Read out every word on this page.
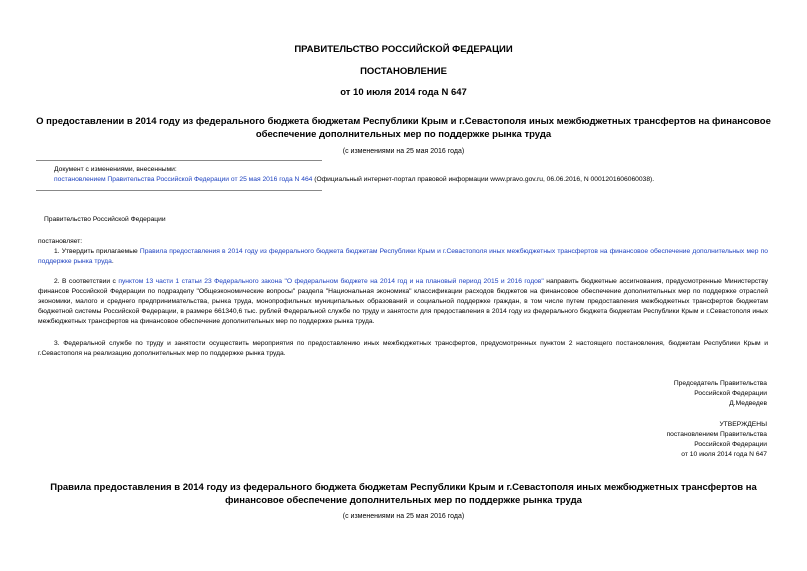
ПРАВИТЕЛЬСТВО РОССИЙСКОЙ ФЕДЕРАЦИИ
ПОСТАНОВЛЕНИЕ
от 10 июля 2014 года N 647
О предоставлении в 2014 году из федерального бюджета бюджетам Республики Крым и г.Севастополя иных межбюджетных трансфертов на финансовое обеспечение дополнительных мер по поддержке рынка труда
(с изменениями на 25 мая 2016 года)
Документ с изменениями, внесенными:
постановлением Правительства Российской Федерации от 25 мая 2016 года N 464 (Официальный интернет-портал правовой информации www.pravo.gov.ru, 06.06.2016, N 0001201606060038).
Правительство Российской Федерации
постановляет:
1. Утвердить прилагаемые Правила предоставления в 2014 году из федерального бюджета бюджетам Республики Крым и г.Севастополя иных межбюджетных трансфертов на финансовое обеспечение дополнительных мер по поддержке рынка труда.
2. В соответствии с пунктом 13 части 1 статьи 23 Федерального закона "О федеральном бюджете на 2014 год и на плановый период 2015 и 2016 годов" направить бюджетные ассигнования, предусмотренные Министерству финансов Российской Федерации по подразделу "Общеэкономические вопросы" раздела "Национальная экономика" классификации расходов бюджетов на финансовое обеспечение дополнительных мер по поддержке отраслей экономики, малого и среднего предпринимательства, рынка труда, монопрофильных муниципальных образований и социальной поддержке граждан, в том числе путем предоставления межбюджетных трансфертов бюджетам бюджетной системы Российской Федерации, в размере 661340,6 тыс. рублей Федеральной службе по труду и занятости для предоставления в 2014 году из федерального бюджета бюджетам Республики Крым и г.Севастополя иных межбюджетных трансфертов на финансовое обеспечение дополнительных мер по поддержке рынка труда.
3. Федеральной службе по труду и занятости осуществить мероприятия по предоставлению иных межбюджетных трансфертов, предусмотренных пунктом 2 настоящего постановления, бюджетам Республики Крым и г.Севастополя на реализацию дополнительных мер по поддержке рынка труда.
Председатель Правительства
Российской Федерации
Д.Медведев
УТВЕРЖДЕНЫ
постановлением Правительства
Российской Федерации
от 10 июля 2014 года N 647
Правила предоставления в 2014 году из федерального бюджета бюджетам Республики Крым и г.Севастополя иных межбюджетных трансфертов на финансовое обеспечение дополнительных мер по поддержке рынка труда
(с изменениями на 25 мая 2016 года)
